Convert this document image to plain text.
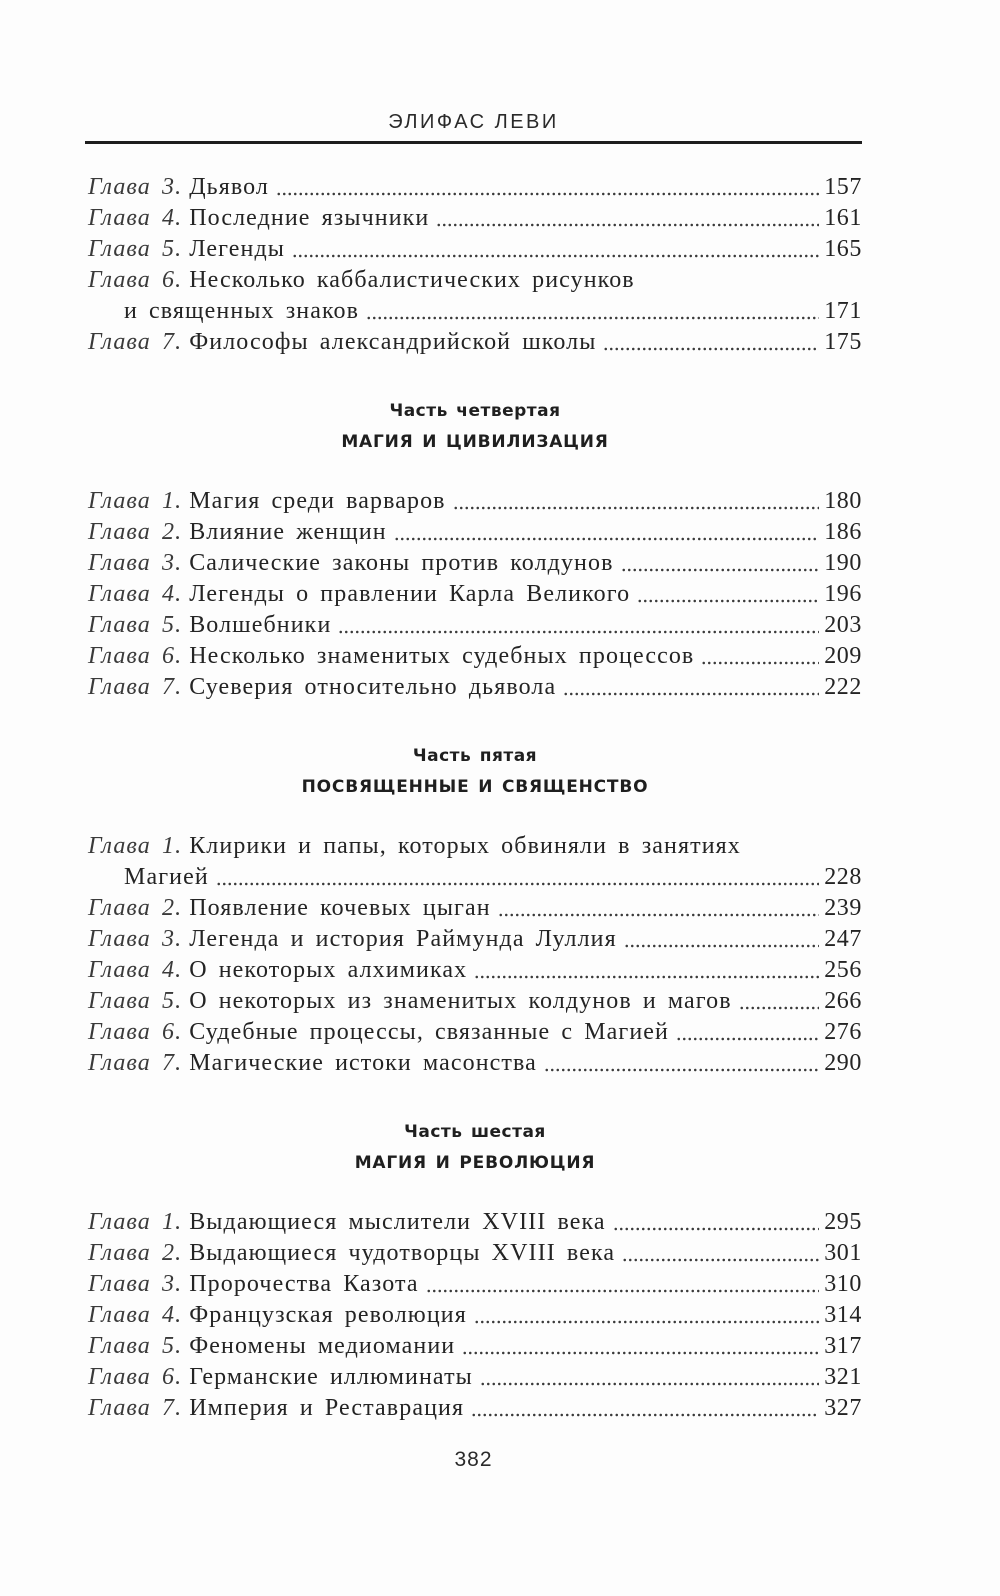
ЭЛИФАС ЛЕВИ
Глава 3. Дьявол	157
Глава 4. Последние язычники	161
Глава 5. Легенды	165
Глава 6. Несколько каббалистических рисунков
и священных знаков	171
Глава 7. Философы александрийской школы	175
Часть четвертая
МАГИЯ И ЦИВИЛИЗАЦИЯ
Глава 1. Магия среди варваров	180
Глава 2. Влияние женщин	186
Глава 3. Салические законы против колдунов	190
Глава 4. Легенды о правлении Карла Великого	196
Глава 5. Волшебники	203
Глава 6. Несколько знаменитых судебных процессов	209
Глава 7. Суеверия относительно дьявола	222
Часть пятая
ПОСВЯЩЕННЫЕ И СВЯЩЕНСТВО
Глава 1. Клирики и папы, которых обвиняли в занятиях
Магией	228
Глава 2. Появление кочевых цыган	239
Глава 3. Легенда и история Раймунда Луллия	247
Глава 4. О некоторых алхимиках	256
Глава 5. О некоторых из знаменитых колдунов и магов	266
Глава 6. Судебные процессы, связанные с Магией	276
Глава 7. Магические истоки масонства	290
Часть шестая
МАГИЯ И РЕВОЛЮЦИЯ
Глава 1. Выдающиеся мыслители XVIII века	295
Глава 2. Выдающиеся чудотворцы XVIII века	301
Глава 3. Пророчества Казота	310
Глава 4. Французская революция	314
Глава 5. Феномены медиомании	317
Глава 6. Германские иллюминаты	321
Глава 7. Империя и Реставрация	327
382
